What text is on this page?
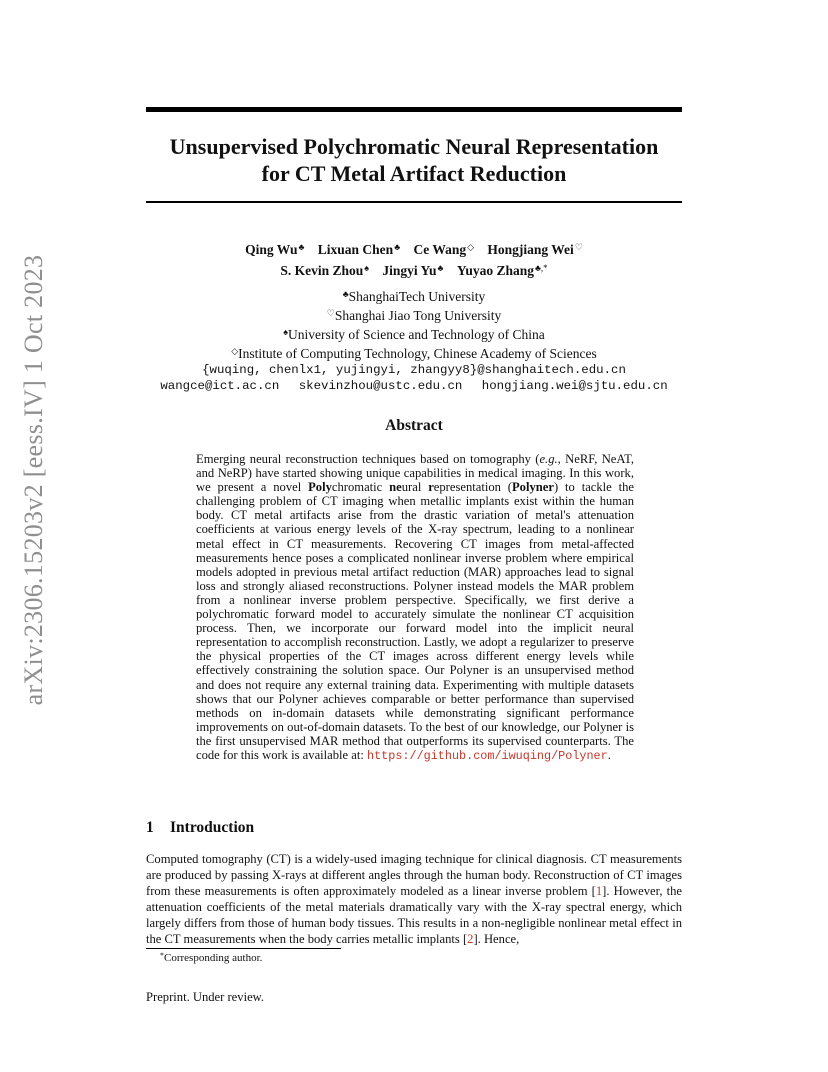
arXiv:2306.15203v2 [eess.IV] 1 Oct 2023
Unsupervised Polychromatic Neural Representation
for CT Metal Artifact Reduction
Qing Wu♣ Lixuan Chen♣ Ce Wang◇ Hongjiang Wei♡
S. Kevin Zhou♠ Jingyi Yu♣ Yuyao Zhang♣,*
♣ShanghaiTech University
♡Shanghai Jiao Tong University
♠University of Science and Technology of China
◇Institute of Computing Technology, Chinese Academy of Sciences
{wuqing, chenlx1, yujingyi, zhangyy8}@shanghaitech.edu.cn
wangce@ict.ac.cn skevinzhou@ustc.edu.cn hongjiang.wei@sjtu.edu.cn
Abstract

Emerging neural reconstruction techniques based on tomography (e.g., NeRF, NeAT, and NeRP) have started showing unique capabilities in medical imaging. In this work, we present a novel Polychromatic neural representation (Polyner) to tackle the challenging problem of CT imaging when metallic implants exist within the human body. CT metal artifacts arise from the drastic variation of metal's attenuation coefficients at various energy levels of the X-ray spectrum, leading to a nonlinear metal effect in CT measurements. Recovering CT images from metal-affected measurements hence poses a complicated nonlinear inverse problem where empirical models adopted in previous metal artifact reduction (MAR) approaches lead to signal loss and strongly aliased reconstructions. Polyner instead models the MAR problem from a nonlinear inverse problem perspective. Specifically, we first derive a polychromatic forward model to accurately simulate the nonlinear CT acquisition process. Then, we incorporate our forward model into the implicit neural representation to accomplish reconstruction. Lastly, we adopt a regularizer to preserve the physical properties of the CT images across different energy levels while effectively constraining the solution space. Our Polyner is an unsupervised method and does not require any external training data. Experimenting with multiple datasets shows that our Polyner achieves comparable or better performance than supervised methods on in-domain datasets while demonstrating significant performance improvements on out-of-domain datasets. To the best of our knowledge, our Polyner is the first unsupervised MAR method that outperforms its supervised counterparts. The code for this work is available at: https://github.com/iwuqing/Polyner.

1 Introduction

Computed tomography (CT) is a widely-used imaging technique for clinical diagnosis. CT measurements are produced by passing X-rays at different angles through the human body. Reconstruction of CT images from these measurements is often approximately modeled as a linear inverse problem [1]. However, the attenuation coefficients of the metal materials dramatically vary with the X-ray spectral energy, which largely differs from those of human body tissues. This results in a non-negligible nonlinear metal effect in the CT measurements when the body carries metallic implants [2]. Hence,

*Corresponding author.
Preprint. Under review.
